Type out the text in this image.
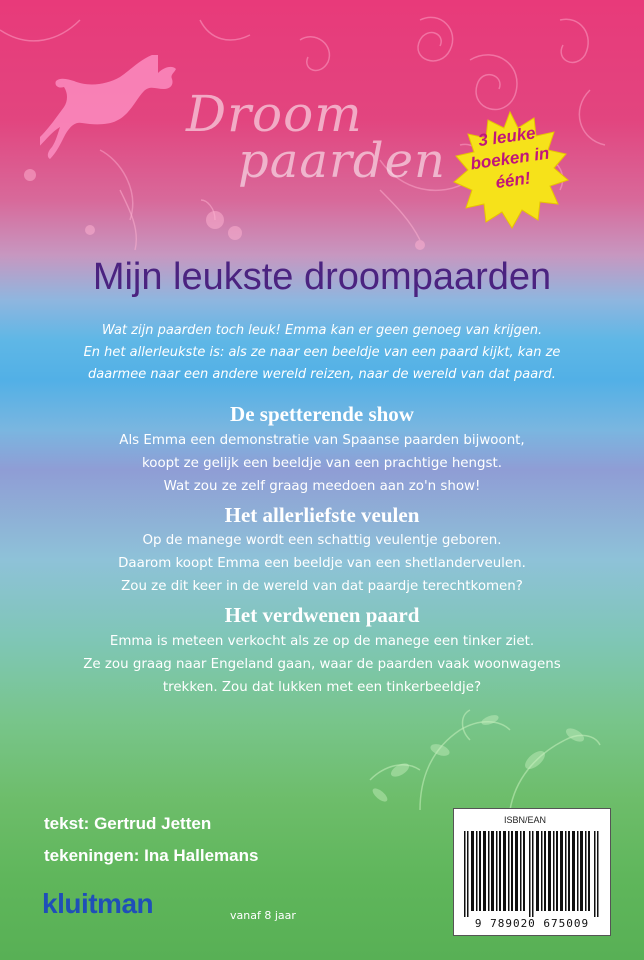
Droom
paarden	3 leuke
boeken in
één!
Mijn leukste droompaarden
Wat zijn paarden toch leuk! Emma kan er geen genoeg van krijgen.
En het allerleukste is: als ze naar een beeldje van een paard kijkt, kan ze
daarmee naar een andere wereld reizen, naar de wereld van dat paard.
De spetterende show
Als Emma een demonstratie van Spaanse paarden bijwoont,
koopt ze gelijk een beeldje van een prachtige hengst.
Wat zou ze zelf graag meedoen aan zo'n show!
Het allerliefste veulen
Op de manege wordt een schattig veulentje geboren.
Daarom koopt Emma een beeldje van een shetlanderveulen.
Zou ze dit keer in de wereld van dat paardje terechtkomen?
Het verdwenen paard
Emma is meteen verkocht als ze op de manege een tinker ziet.
Ze zou graag naar Engeland gaan, waar de paarden vaak woonwagens
trekken. Zou dat lukken met een tinkerbeeldje?
tekst: Gertrud Jetten
tekeningen: Ina Hallemans
kluitman	vanaf 8 jaar
ISBN/EAN
9 789020 675009
